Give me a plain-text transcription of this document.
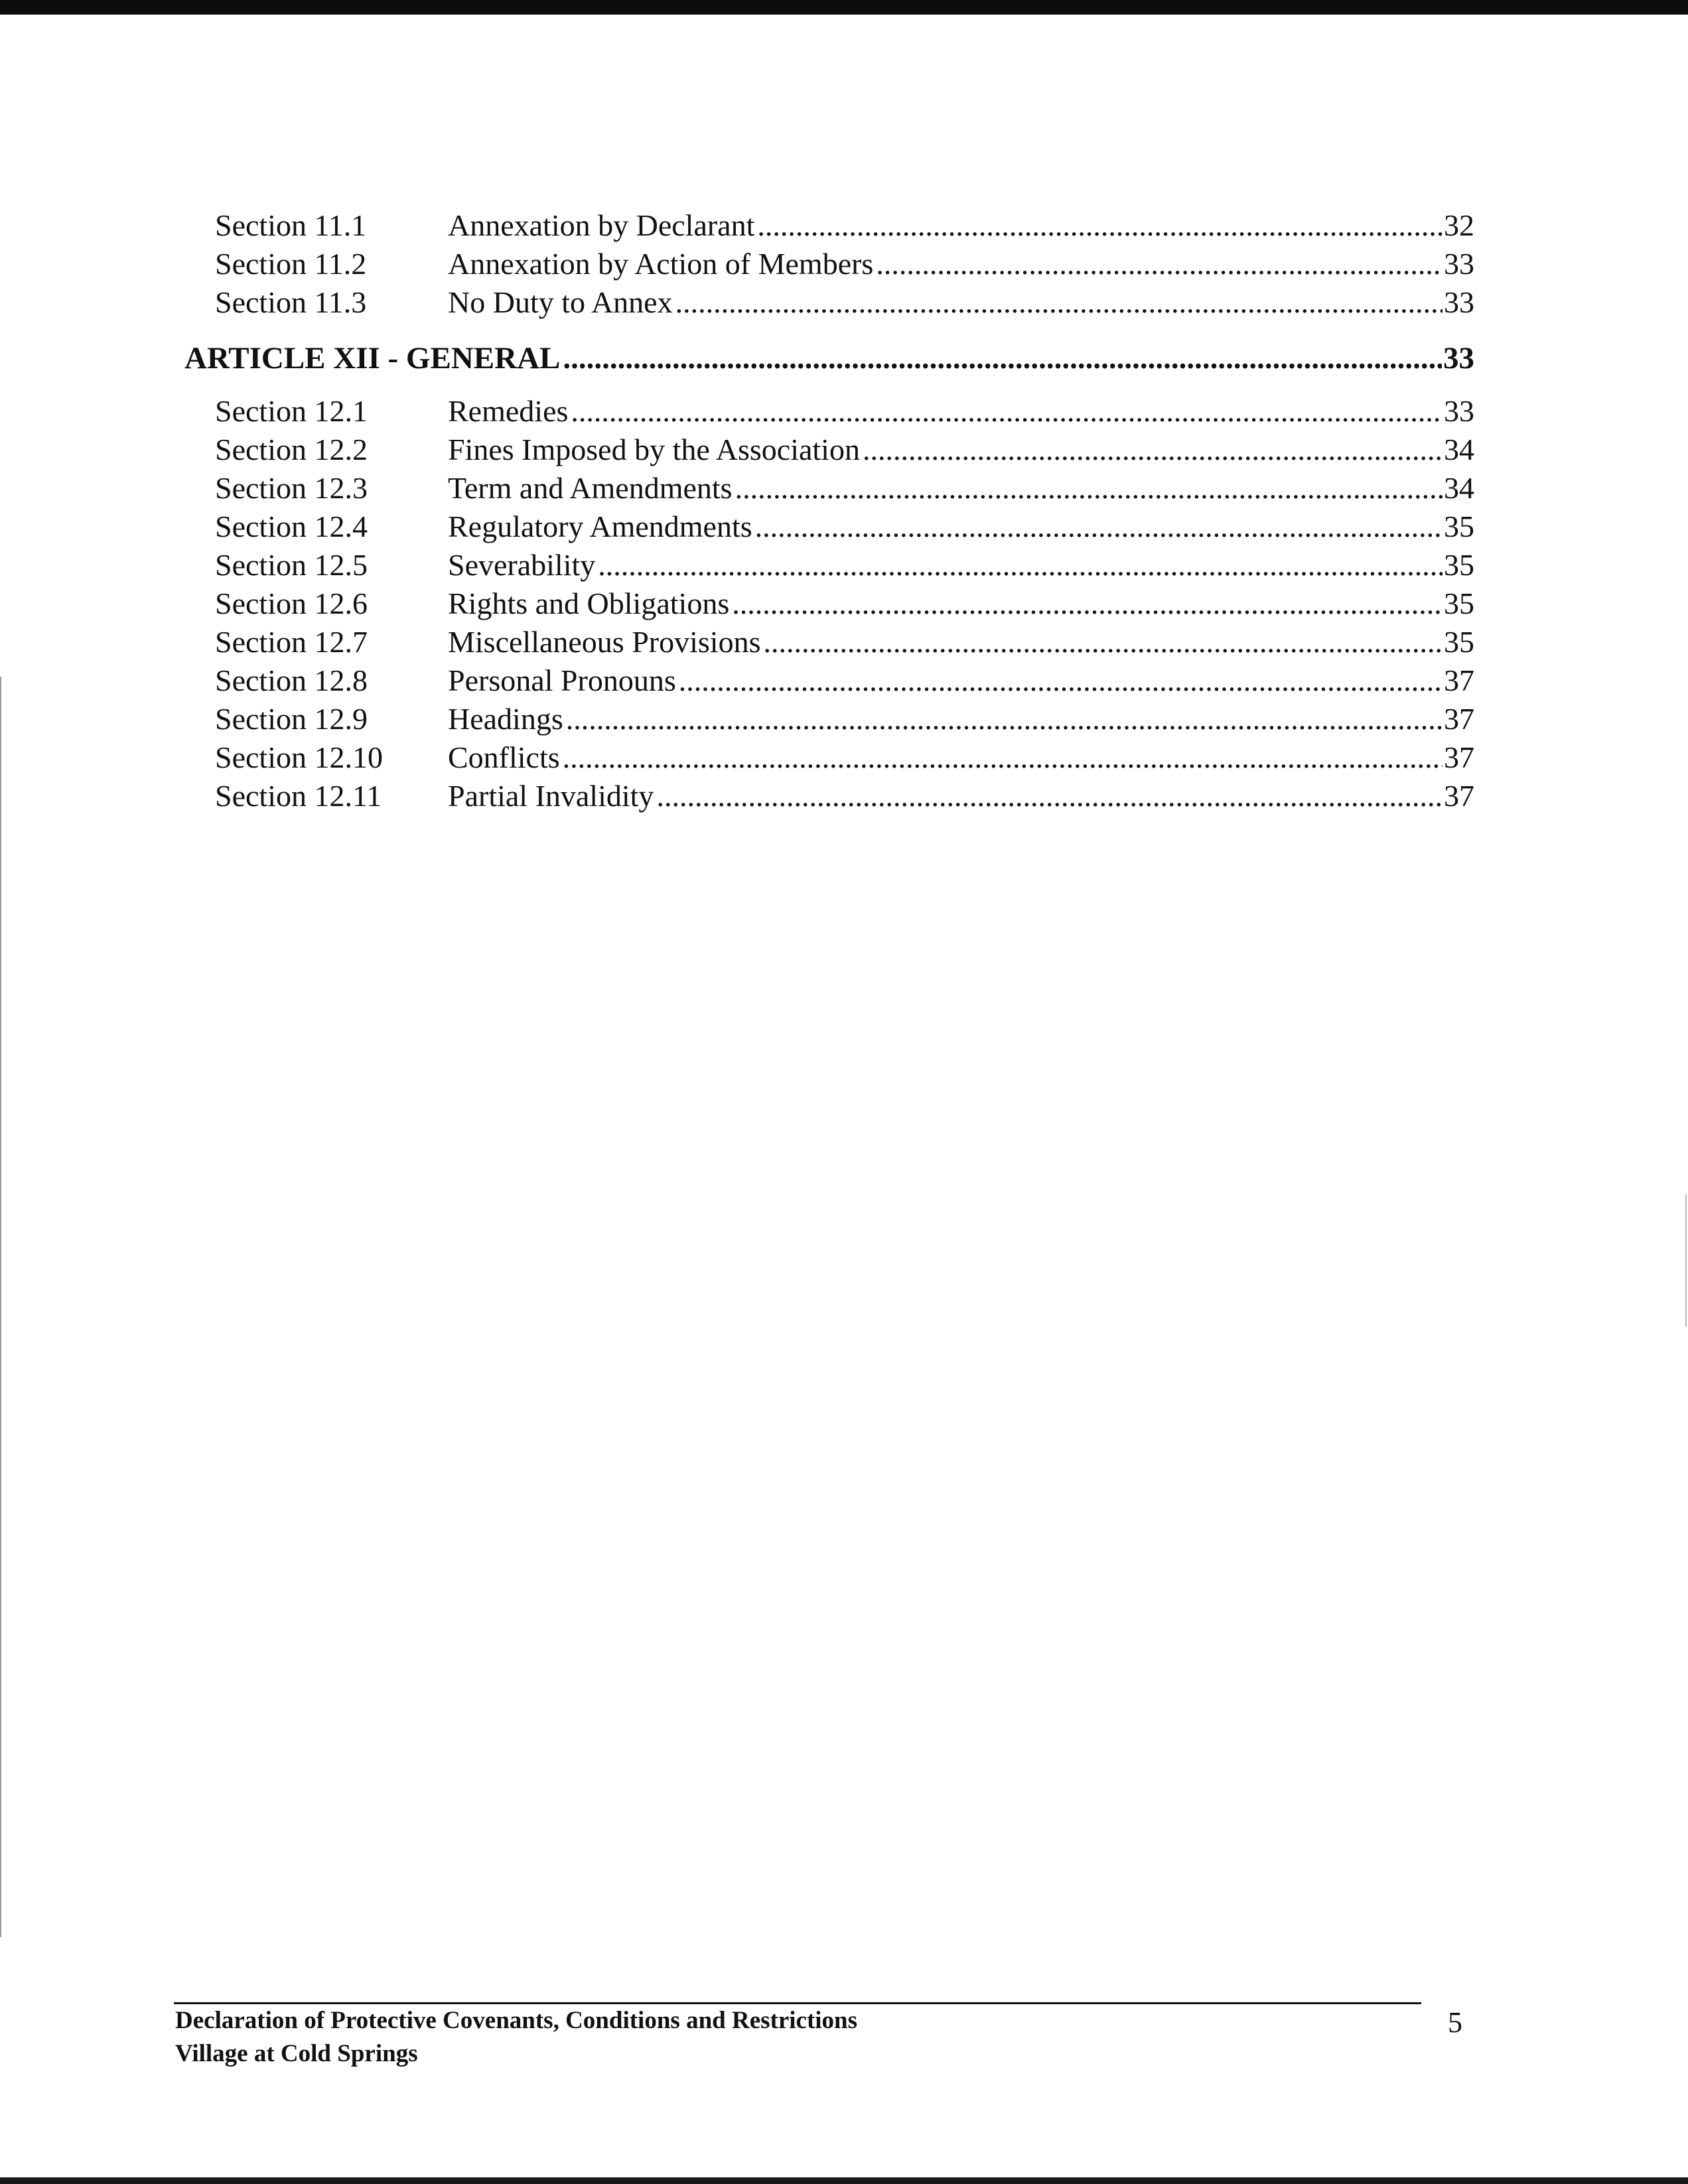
Section 11.1	Annexation by Declarant .....	32
Section 11.2	Annexation by Action of Members .....	33
Section 11.3	No Duty to Annex .....	33
ARTICLE XII - GENERAL .....	33
Section 12.1	Remedies .....	33
Section 12.2	Fines Imposed by the Association .....	34
Section 12.3	Term and Amendments .....	34
Section 12.4	Regulatory Amendments .....	35
Section 12.5	Severability .....	35
Section 12.6	Rights and Obligations .....	35
Section 12.7	Miscellaneous Provisions .....	35
Section 12.8	Personal Pronouns .....	37
Section 12.9	Headings .....	37
Section 12.10 Conflicts .....	37
Section 12.11 Partial Invalidity .....	37
Declaration of Protective Covenants, Conditions and Restrictions
Village at Cold Springs
5
